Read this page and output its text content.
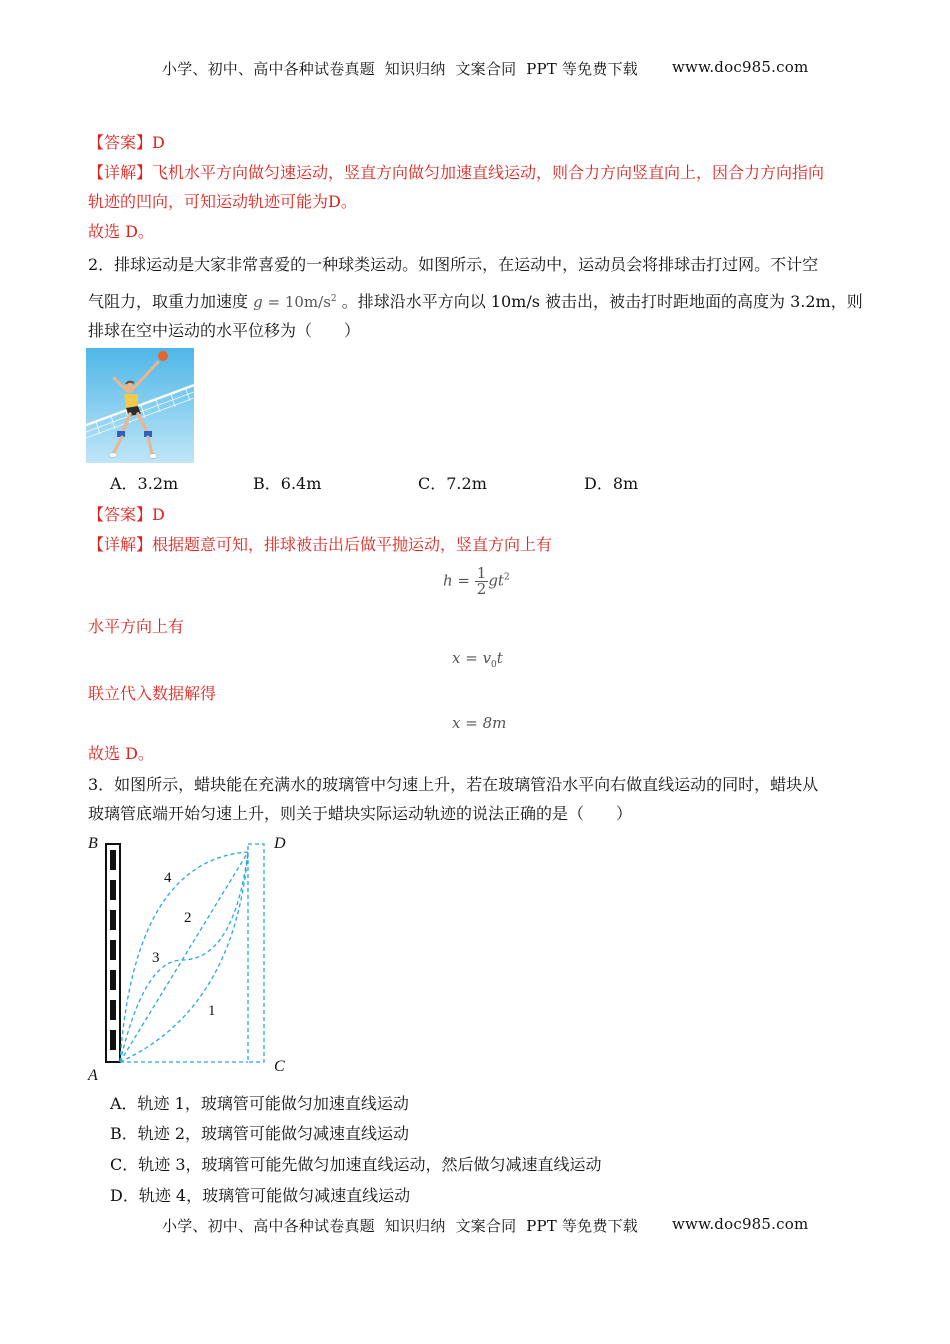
小学、初中、高中各种试卷真题  知识归纳  文案合同  PPT 等免费下载 www.doc985.com
【答案】D
【详解】飞机水平方向做匀速运动，竖直方向做匀加速直线运动，则合力方向竖直向上，因合力方向指向
轨迹的凹向，可知运动轨迹可能为D。
故选 D。
2．排球运动是大家非常喜爱的一种球类运动。如图所示，在运动中，运动员会将排球击打过网。不计空
气阻力，取重力加速度 $g = 10m/s^2$ 。排球沿水平方向以 10m/s 被击出，被击打时距地面的高度为 3.2m，则
排球在空中运动的水平位移为（　　）
A．3.2m	B．6.4m	C．7.2m	D．8m
【答案】D
【详解】根据题意可知，排球被击出后做平抛运动，竖直方向上有
$h = \frac{1}{2} gt^2$
水平方向上有
$x = v_0t$
联立代入数据解得
x = 8m
故选 D。
3．如图所示，蜡块能在充满水的玻璃管中匀速上升，若在玻璃管沿水平向右做直线运动的同时，蜡块从
玻璃管底端开始匀速上升，则关于蜡块实际运动轨迹的说法正确的是（　　）
B
A
D
C
1
2
3
4
A．轨迹 1，玻璃管可能做匀加速直线运动
B．轨迹 2，玻璃管可能做匀减速直线运动
C．轨迹 3，玻璃管可能先做匀加速直线运动，然后做匀减速直线运动
D．轨迹 4，玻璃管可能做匀减速直线运动
小学、初中、高中各种试卷真题  知识归纳  文案合同  PPT 等免费下载 www.doc985.com
